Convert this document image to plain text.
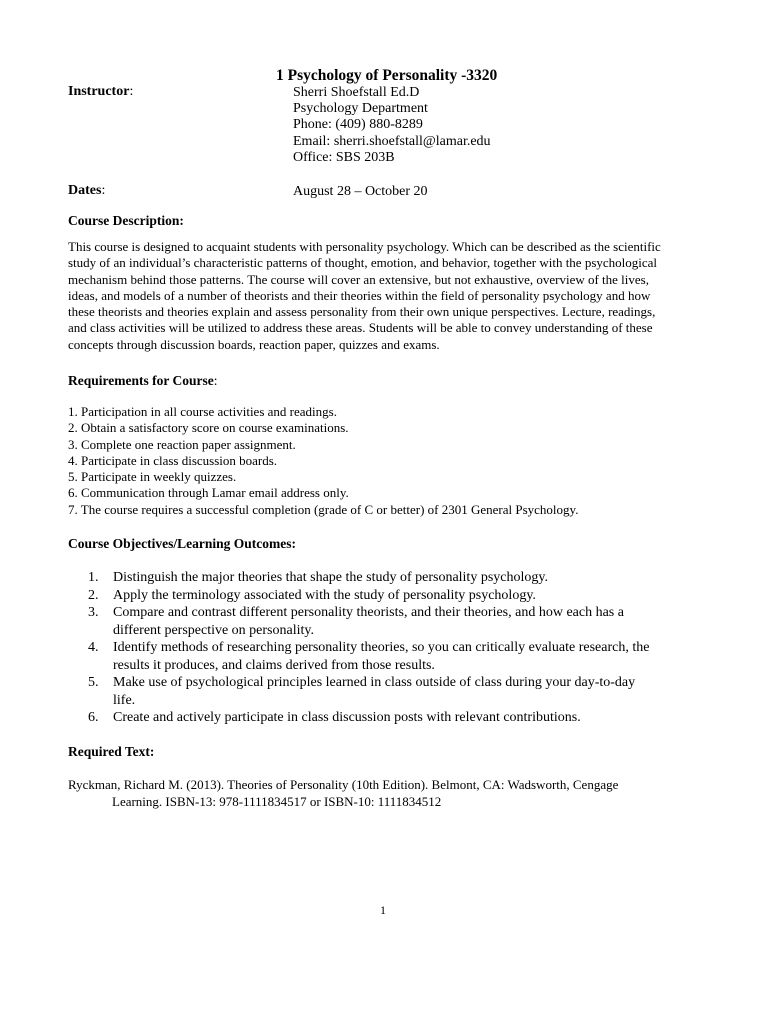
1 Psychology of Personality -3320
Instructor:	Sherri Shoefstall Ed.D
Psychology Department
Phone: (409) 880-8289
Email: sherri.shoefstall@lamar.edu
Office: SBS 203B
Dates:	August 28 – October 20
Course Description:
This course is designed to acquaint students with personality psychology. Which can be described as the scientific
study of an individual’s characteristic patterns of thought, emotion, and behavior, together with the psychological
mechanism behind those patterns. The course will cover an extensive, but not exhaustive, overview of the lives,
ideas, and models of a number of theorists and their theories within the field of personality psychology and how
these theorists and theories explain and assess personality from their own unique perspectives. Lecture, readings,
and class activities will be utilized to address these areas. Students will be able to convey understanding of these
concepts through discussion boards, reaction paper, quizzes and exams.
Requirements for Course:
1. Participation in all course activities and readings.
2. Obtain a satisfactory score on course examinations.
3. Complete one reaction paper assignment.
4. Participate in class discussion boards.
5. Participate in weekly quizzes.
6. Communication through Lamar email address only.
7. The course requires a successful completion (grade of C or better) of 2301 General Psychology.
Course Objectives/Learning Outcomes:
1.	Distinguish the major theories that shape the study of personality psychology.
2.	Apply the terminology associated with the study of personality psychology.
3.	Compare and contrast different personality theorists, and their theories, and how each has a
different perspective on personality.
4.	Identify methods of researching personality theories, so you can critically evaluate research, the
results it produces, and claims derived from those results.
5.	Make use of psychological principles learned in class outside of class during your day-to-day
life.
6.	Create and actively participate in class discussion posts with relevant contributions.
Required Text:
Ryckman, Richard M. (2013). Theories of Personality (10th Edition). Belmont, CA: Wadsworth, Cengage
Learning. ISBN-13: 978-1111834517 or ISBN-10: 1111834512
1
